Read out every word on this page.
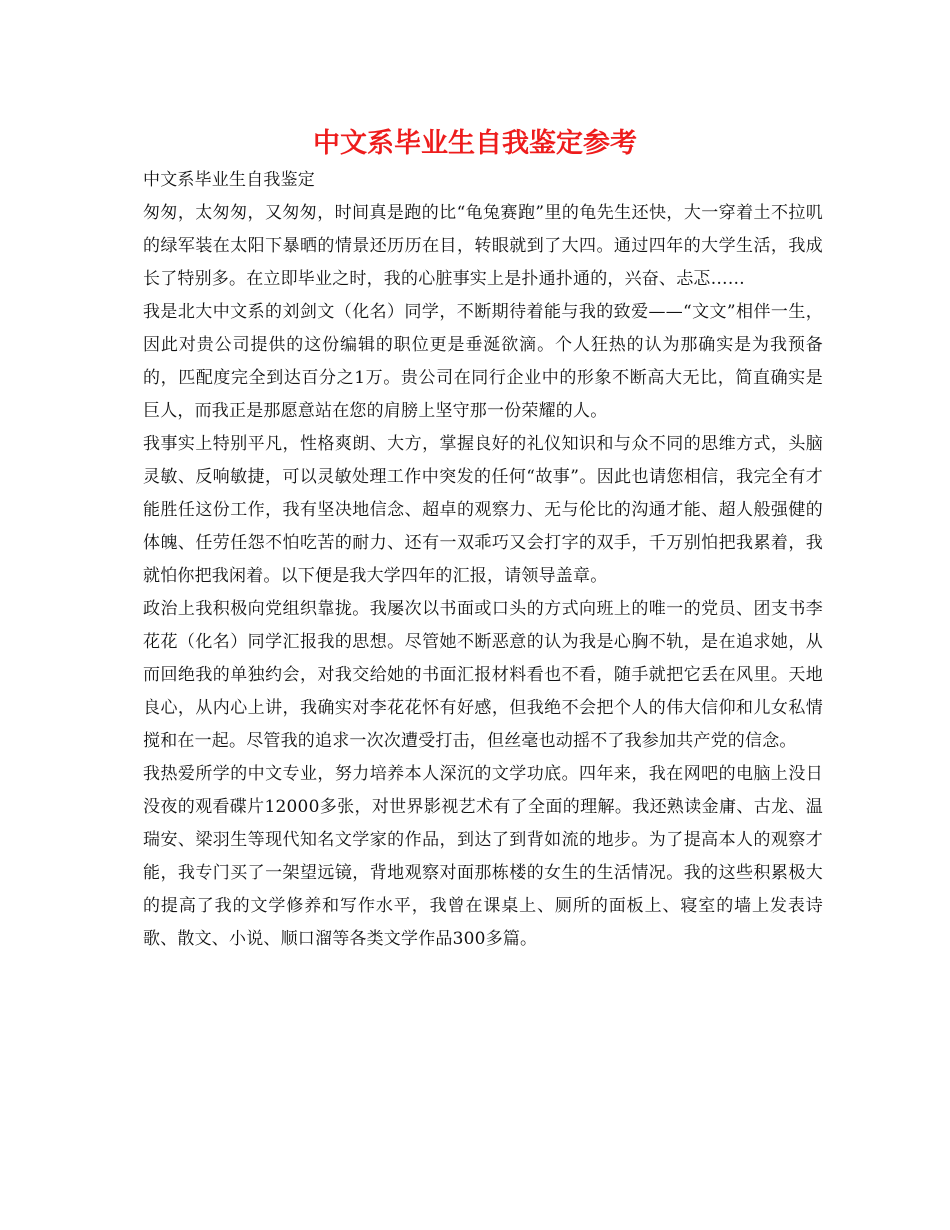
中文系毕业生自我鉴定参考

中文系毕业生自我鉴定

匆匆，太匆匆，又匆匆，时间真是跑的比“龟兔赛跑”里的龟先生还快，大一穿着土不拉叽的绿军装在太阳下暴晒的情景还历历在目，转眼就到了大四。通过四年的大学生活，我成长了特别多。在立即毕业之时，我的心脏事实上是扑通扑通的，兴奋、忐忑……

我是北大中文系的刘剑文（化名）同学，不断期待着能与我的致爱——“文文”相伴一生，因此对贵公司提供的这份编辑的职位更是垂涎欲滴。个人狂热的认为那确实是为我预备的，匹配度完全到达百分之1万。贵公司在同行企业中的形象不断高大无比，简直确实是巨人，而我正是那愿意站在您的肩膀上坚守那一份荣耀的人。

我事实上特别平凡，性格爽朗、大方，掌握良好的礼仪知识和与众不同的思维方式，头脑灵敏、反响敏捷，可以灵敏处理工作中突发的任何“故事”。因此也请您相信，我完全有才能胜任这份工作，我有坚决地信念、超卓的观察力、无与伦比的沟通才能、超人般强健的体魄、任劳任怨不怕吃苦的耐力、还有一双乖巧又会打字的双手，千万别怕把我累着，我就怕你把我闲着。以下便是我大学四年的汇报，请领导盖章。

政治上我积极向党组织靠拢。我屡次以书面或口头的方式向班上的唯一的党员、团支书李花花（化名）同学汇报我的思想。尽管她不断恶意的认为我是心胸不轨，是在追求她，从而回绝我的单独约会，对我交给她的书面汇报材料看也不看，随手就把它丢在风里。天地良心，从内心上讲，我确实对李花花怀有好感，但我绝不会把个人的伟大信仰和儿女私情搅和在一起。尽管我的追求一次次遭受打击，但丝毫也动摇不了我参加共产党的信念。

我热爱所学的中文专业，努力培养本人深沉的文学功底。四年来，我在网吧的电脑上没日没夜的观看碟片12000多张，对世界影视艺术有了全面的理解。我还熟读金庸、古龙、温瑞安、梁羽生等现代知名文学家的作品，到达了到背如流的地步。为了提高本人的观察才能，我专门买了一架望远镜，背地观察对面那栋楼的女生的生活情况。我的这些积累极大的提高了我的文学修养和写作水平，我曾在课桌上、厕所的面板上、寝室的墙上发表诗歌、散文、小说、顺口溜等各类文学作品300多篇。
